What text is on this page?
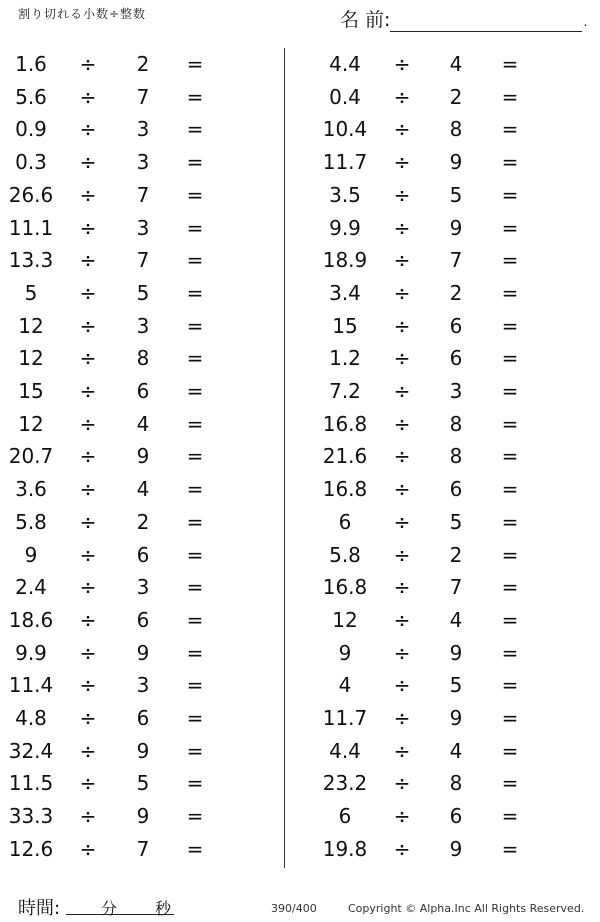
割り切れる小数÷整数	名 前:	.
1.6	÷	2	=
5.6	÷	7	=
0.9	÷	3	=
0.3	÷	3	=
26.6	÷	7	=
11.1	÷	3	=
13.3	÷	7	=
5	÷	5	=
12	÷	3	=
12	÷	8	=
15	÷	6	=
12	÷	4	=
20.7	÷	9	=
3.6	÷	4	=
5.8	÷	2	=
9	÷	6	=
2.4	÷	3	=
18.6	÷	6	=
9.9	÷	9	=
11.4	÷	3	=
4.8	÷	6	=
32.4	÷	9	=
11.5	÷	5	=
33.3	÷	9	=
12.6	÷	7	=
4.4	÷	4	=
0.4	÷	2	=
10.4	÷	8	=
11.7	÷	9	=
3.5	÷	5	=
9.9	÷	9	=
18.9	÷	7	=
3.4	÷	2	=
15	÷	6	=
1.2	÷	6	=
7.2	÷	3	=
16.8	÷	8	=
21.6	÷	8	=
16.8	÷	6	=
6	÷	5	=
5.8	÷	2	=
16.8	÷	7	=
12	÷	4	=
9	÷	9	=
4	÷	5	=
11.7	÷	9	=
4.4	÷	4	=
23.2	÷	8	=
6	÷	6	=
19.8	÷	9	=
時間:	分 秒	390/400	Copyright © Alpha.Inc All Rights Reserved.
